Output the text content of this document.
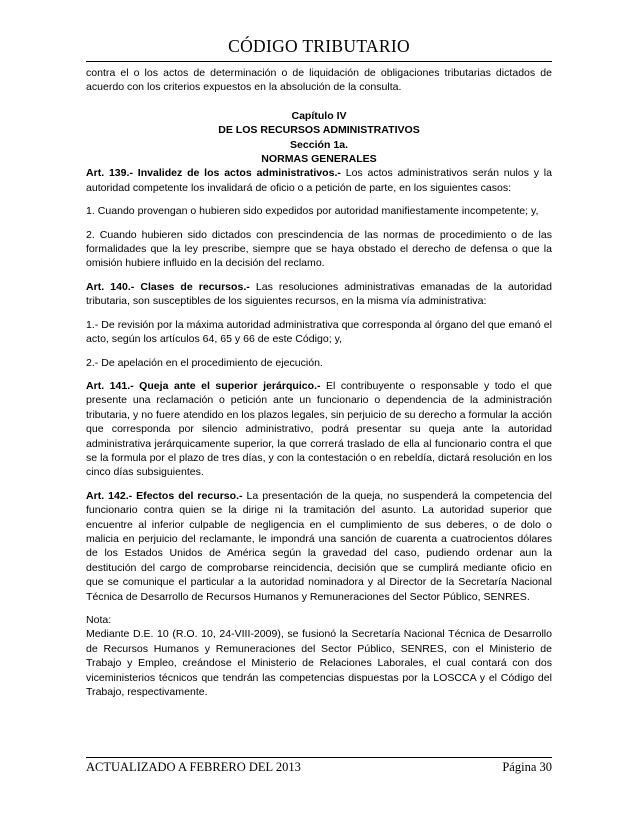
CÓDIGO TRIBUTARIO

contra el o los actos de determinación o de liquidación de obligaciones tributarias dictados de acuerdo con los criterios expuestos en la absolución de la consulta.

Capítulo IV
DE LOS RECURSOS ADMINISTRATIVOS
Sección 1a.
NORMAS GENERALES

Art. 139.- Invalidez de los actos administrativos.- Los actos administrativos serán nulos y la autoridad competente los invalidará de oficio o a petición de parte, en los siguientes casos:

1. Cuando provengan o hubieren sido expedidos por autoridad manifiestamente incompetente; y,

2. Cuando hubieren sido dictados con prescindencia de las normas de procedimiento o de las formalidades que la ley prescribe, siempre que se haya obstado el derecho de defensa o que la omisión hubiere influido en la decisión del reclamo.

Art. 140.- Clases de recursos.- Las resoluciones administrativas emanadas de la autoridad tributaria, son susceptibles de los siguientes recursos, en la misma vía administrativa:

1.- De revisión por la máxima autoridad administrativa que corresponda al órgano del que emanó el acto, según los artículos 64, 65 y 66 de este Código; y,

2.- De apelación en el procedimiento de ejecución.

Art. 141.- Queja ante el superior jerárquico.- El contribuyente o responsable y todo el que presente una reclamación o petición ante un funcionario o dependencia de la administración tributaria, y no fuere atendido en los plazos legales, sin perjuicio de su derecho a formular la acción que corresponda por silencio administrativo, podrá presentar su queja ante la autoridad administrativa jerárquicamente superior, la que correrá traslado de ella al funcionario contra el que se la formula por el plazo de tres días, y con la contestación o en rebeldía, dictará resolución en los cinco días subsiguientes.

Art. 142.- Efectos del recurso.- La presentación de la queja, no suspenderá la competencia del funcionario contra quien se la dirige ni la tramitación del asunto. La autoridad superior que encuentre al inferior culpable de negligencia en el cumplimiento de sus deberes, o de dolo o malicia en perjuicio del reclamante, le impondrá una sanción de cuarenta a cuatrocientos dólares de los Estados Unidos de América según la gravedad del caso, pudiendo ordenar aun la destitución del cargo de comprobarse reincidencia, decisión que se cumplirá mediante oficio en que se comunique el particular a la autoridad nominadora y al Director de la Secretaría Nacional Técnica de Desarrollo de Recursos Humanos y Remuneraciones del Sector Público, SENRES.

Nota:

Mediante D.E. 10 (R.O. 10, 24-VIII-2009), se fusionó la Secretaría Nacional Técnica de Desarrollo de Recursos Humanos y Remuneraciones del Sector Público, SENRES, con el Ministerio de Trabajo y Empleo, creándose el Ministerio de Relaciones Laborales, el cual contará con dos viceministerios técnicos que tendrán las competencias dispuestas por la LOSCCA y el Código del Trabajo, respectivamente.

ACTUALIZADO A FEBRERO DEL 2013	Página 30
